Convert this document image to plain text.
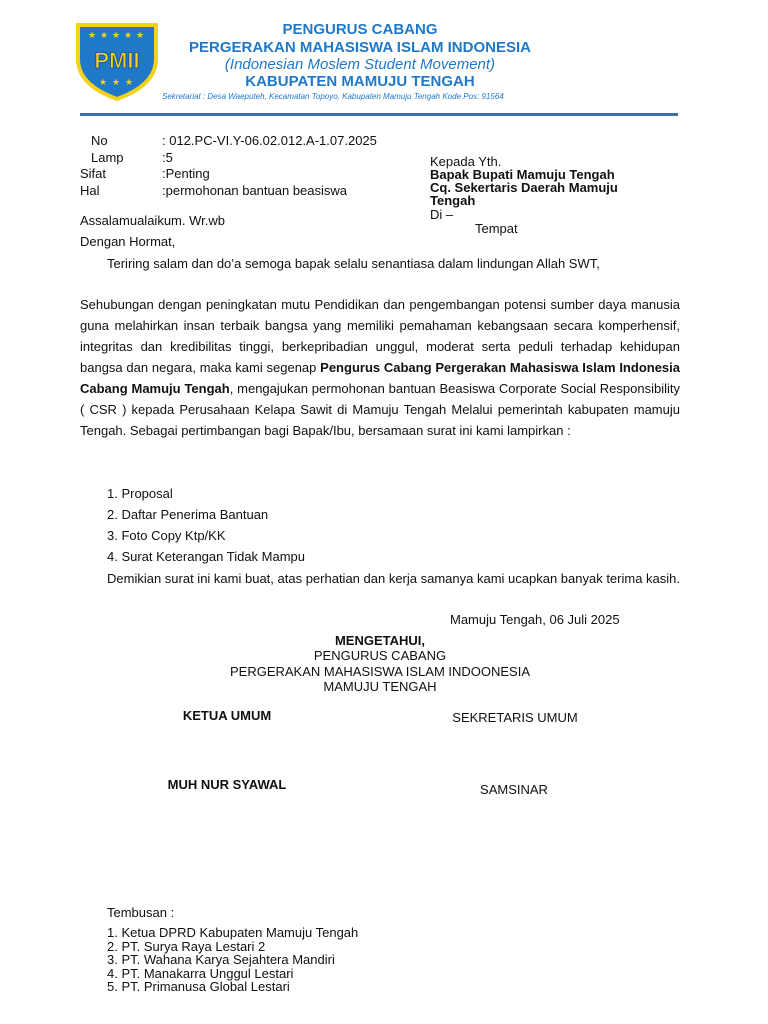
★ ★ ★ ★ ★
★ ★ ★
PMII
PENGURUS CABANG
PERGERAKAN MAHASISWA ISLAM INDONESIA
(Indonesian Moslem Student Movement)
KABUPATEN MAMUJU TENGAH
Sekretariat : Desa Waeputeh, Kecamatan Topoyo, Kabupaten Mamuju Tengah Kode Pos: 91564
No	: 012.PC-VI.Y-06.02.012.A-1.07.2025
Lamp	:5
Sifat	:Penting
Hal	:permohonan bantuan beasiswa
Kepada Yth.
Bapak Bupati Mamuju Tengah
Cq. Sekertaris Daerah Mamuju
Tengah
Di –
Tempat
Assalamualaikum. Wr.wb
Dengan Hormat,
Teriring salam dan do’a semoga bapak selalu senantiasa dalam lindungan Allah SWT,
Sehubungan dengan peningkatan mutu Pendidikan dan pengembangan potensi sumber daya manusia guna melahirkan insan terbaik bangsa yang memiliki pemahaman kebangsaan secara komperhensif, integritas dan kredibilitas tinggi, berkepribadian unggul, moderat serta peduli terhadap kehidupan bangsa dan negara, maka kami segenap Pengurus Cabang Pergerakan Mahasiswa Islam Indonesia Cabang Mamuju Tengah, mengajukan permohonan bantuan Beasiswa Corporate Social Responsibility ( CSR ) kepada Perusahaan Kelapa Sawit di Mamuju Tengah Melalui pemerintah kabupaten mamuju Tengah. Sebagai pertimbangan bagi Bapak/Ibu, bersamaan surat ini kami lampirkan :
1. Proposal
2. Daftar Penerima Bantuan
3. Foto Copy Ktp/KK
4. Surat Keterangan Tidak Mampu
Demikian surat ini kami buat, atas perhatian dan kerja samanya kami ucapkan banyak terima kasih.
Mamuju Tengah, 06 Juli 2025
MENGETAHUI,
PENGURUS CABANG
PERGERAKAN MAHASISWA ISLAM INDOONESIA
MAMUJU TENGAH
KETUA UMUM	SEKRETARIS UMUM
MUH NUR SYAWAL	SAMSINAR
Tembusan :
1. Ketua DPRD Kabupaten Mamuju Tengah
2. PT. Surya Raya Lestari 2
3. PT. Wahana Karya Sejahtera Mandiri
4. PT. Manakarra Unggul Lestari
5. PT. Primanusa Global Lestari
